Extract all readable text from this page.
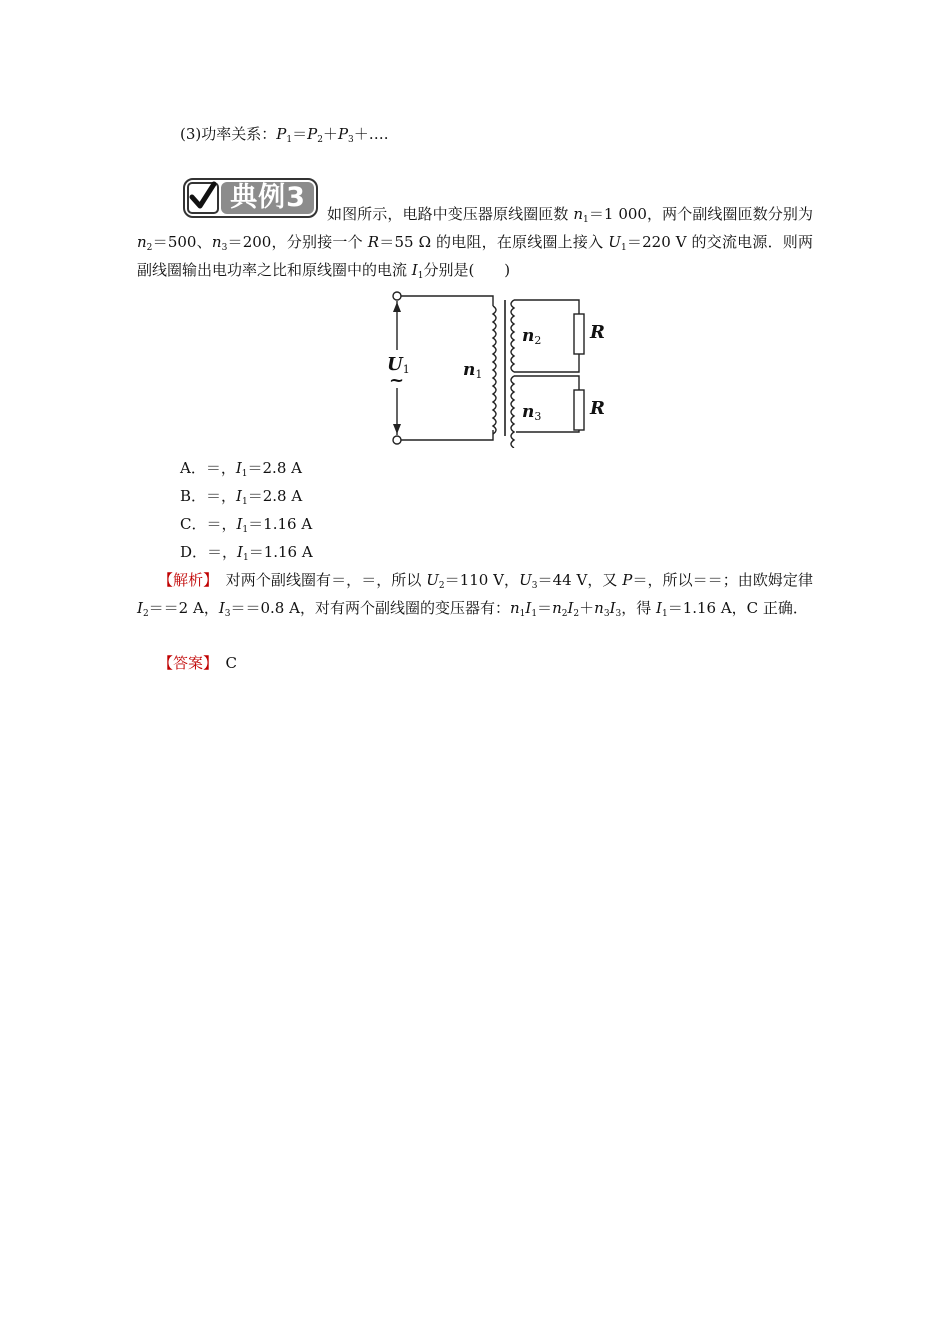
(3)功率关系：$P_1=P_2+P_3+\dots$.
典例3
如图所示，电路中变压器原线圈匝数 $n_1=1$ 000，两个副线圈匝数分别为 $n_2=500$、$n_3=200$，分别接一个 R＝55 Ω 的电阻，在原线圈上接入 $U_1=220$ V 的交流电源．则两副线圈输出电功率之比和原线圈中的电流 $I_1$分别是(　　)
$U_1$
~	$n_1$
$n_2$
$n_3$
R
R
A．＝，$I_1=2.8$ A
B．＝，$I_1=2.8$ A
C．＝，$I_1=1.16$ A
D．＝，$I_1=1.16$ A
【解析】　对两个副线圈有＝，＝，所以 $U_2=110$ V，$U_3=44$ V，又 P＝，所以＝＝；由欧姆定律 $I_2==2$ A，$I_3==0.8$ A，对有两个副线圈的变压器有：$n_1I_1=n_2I_2+n_3I_3$，得 $I_1=1.16$ A，C 正确．
【答案】　C
